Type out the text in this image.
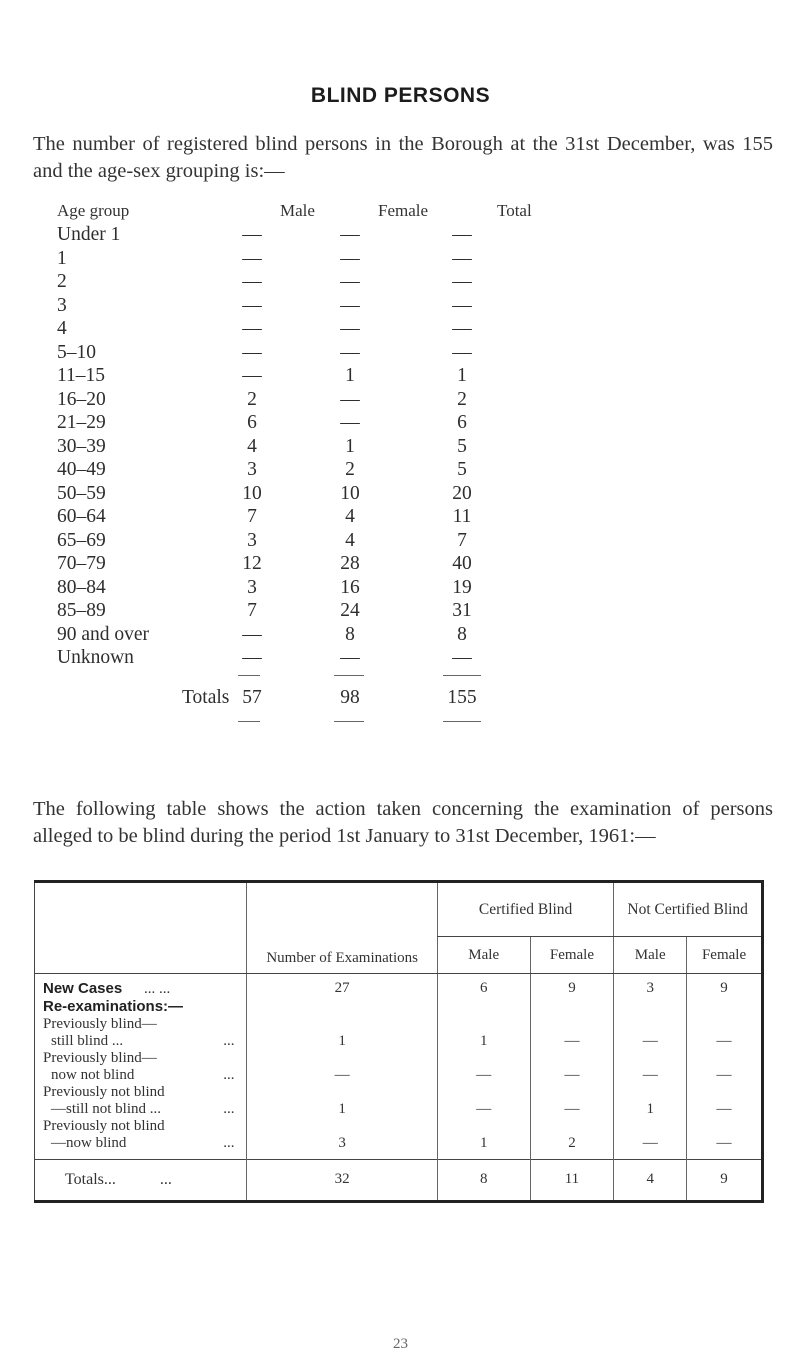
BLIND PERSONS
The number of registered blind persons in the Borough at the 31st December, was 155 and the age-sex grouping is:—
Age group	Male	Female	Total
Under 1	—	—	—
1	—	—	—
2	—	—	—
3	—	—	—
4	—	—	—
5–10	—	—	—
11–15	—	1	1
16–20	2	—	2
21–29	6	—	6
30–39	4	1	5
40–49	3	2	5
50–59	10	10	20
60–64	7	4	11
65–69	3	4	7
70–79	12	28	40
80–84	3	16	19
85–89	7	24	31
90 and over	—	8	8
Unknown	—	—	—
Totals 57	98	155
The following table shows the action taken concerning the examination of persons alleged to be blind during the period 1st January to 31st December, 1961:—
	Number of Examinations	Certified Blind		Not Certified Blind	
		Male	Female	Male	Female
New Cases ... ...	27	6	9	3	9
Re-examinations:—					
Previously blind—					
still blind ... ...	1	1	—	—	—
Previously blind—					
now not blind ...	—	—	—	—	—
Previously not blind					
—still not blind ... ...	1	—	—	1	—
Previously not blind					
—now blind ...	3	1	2	—	—
Totals... ...	32	8	11	4	9
23
